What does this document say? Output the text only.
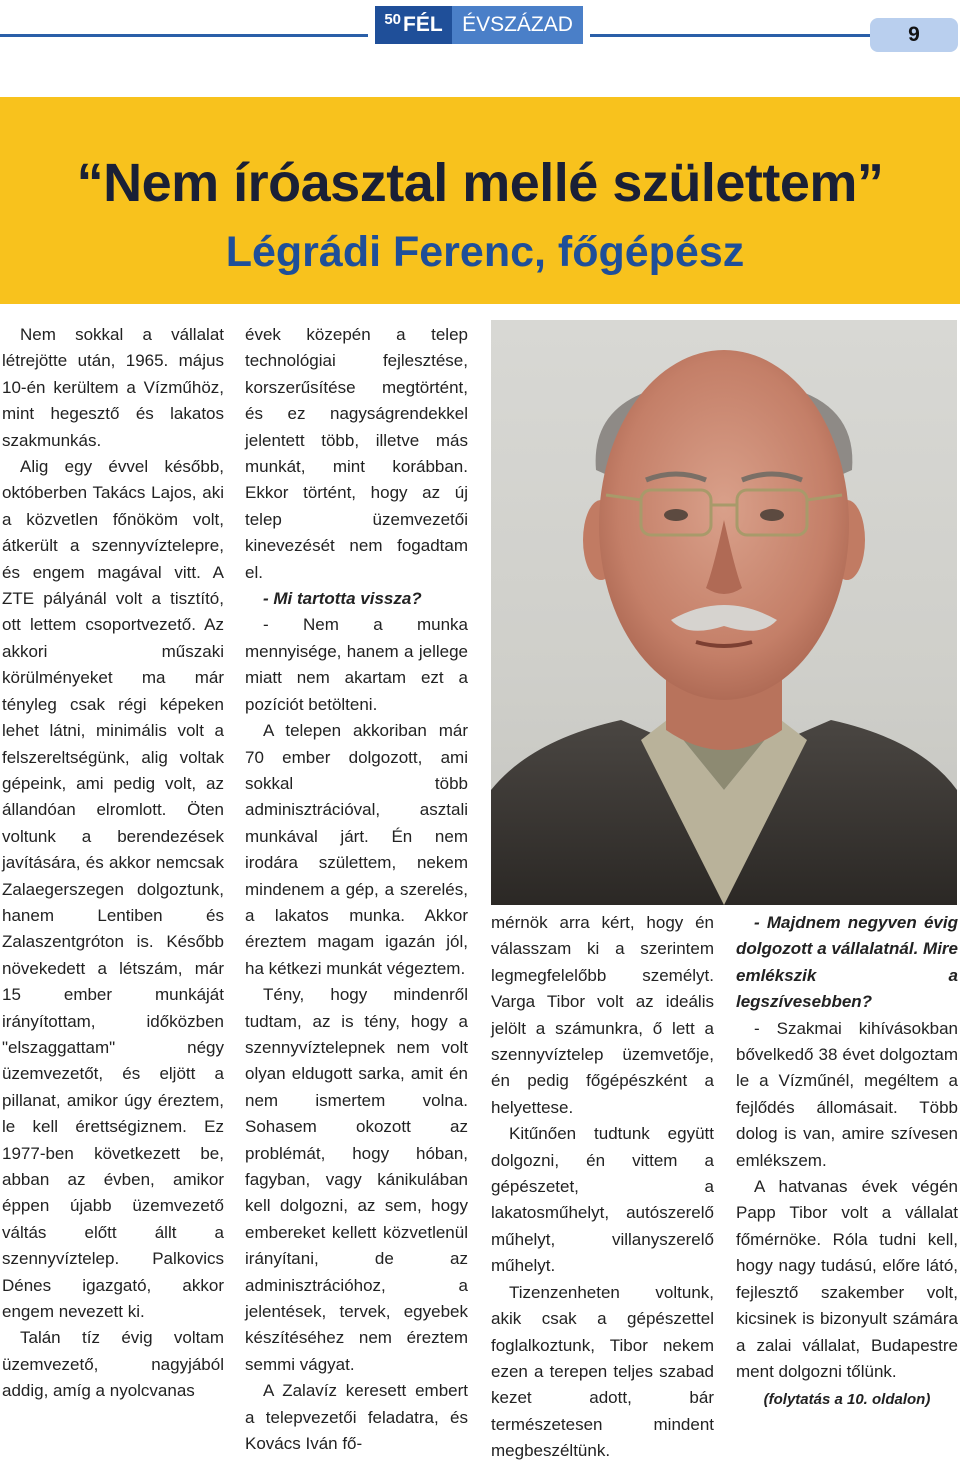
50 FÉL ÉVSZÁZAD	9
“Nem íróasztal mellé születtem”
Légrádi Ferenc, főgépész

Nem sokkal a vállalat létrejötte után, 1965. május 10-én kerültem a Vízműhöz, mint hegesztő és lakatos szakmunkás.

Alig egy évvel később, októberben Takács Lajos, aki a közvetlen főnököm volt, átkerült a szennyvíztelepre, és engem magával vitt. A ZTE pályánál volt a tisztító, ott lettem csoportvezető. Az akkori műszaki körülményeket ma már tényleg csak régi képeken lehet látni, minimális volt a felszereltségünk, alig voltak gépeink, ami pedig volt, az állandóan elromlott. Öten voltunk a berendezések javítására, és akkor nemcsak Zalaegerszegen dolgoztunk, hanem Lentiben és Zalaszentgróton is. Később növekedett a létszám, már 15 ember munkáját irányítottam, időközben "elszaggattam" négy üzemvezetőt, és eljött a pillanat, amikor úgy éreztem, le kell érettségiznem. Ez 1977-ben következett be, abban az évben, amikor éppen újabb üzemvezető váltás előtt állt a szennyvíztelep. Palkovics Dénes igazgató, akkor engem nevezett ki.

Talán tíz évig voltam üzemvezető, nagyjából addig, amíg a nyolcvanas

évek közepén a telep technológiai fejlesztése, korszerűsítése megtörtént, és ez nagyságrendekkel jelentett több, illetve más munkát, mint korábban. Ekkor történt, hogy az új telep üzemvezetői kinevezését nem fogadtam el.

- Mi tartotta vissza?

- Nem a munka mennyisége, hanem a jellege miatt nem akartam ezt a pozíciót betölteni.

A telepen akkoriban már 70 ember dolgozott, ami sokkal több adminisztrációval, asztali munkával járt. Én nem irodára születtem, nekem mindenem a gép, a szerelés, a lakatos munka. Akkor éreztem magam igazán jól, ha kétkezi munkát végeztem.

Tény, hogy mindenről tudtam, az is tény, hogy a szennyvíztelepnek nem volt olyan eldugott sarka, amit én nem ismertem volna. Sohasem okozott az problémát, hogy hóban, fagyban, vagy kánikulában kell dolgozni, az sem, hogy embereket kellett közvetlenül irányítani, de az adminisztrációhoz, a jelentések, tervek, egyebek készítéséhez nem éreztem semmi vágyat.

A Zalavíz keresett embert a telepvezetői feladatra, és Kovács Iván fő-

mérnök arra kért, hogy én válasszam ki a szerintem legmegfelelőbb személyt. Varga Tibor volt az ideális jelölt a számunkra, ő lett a szennyvíztelep üzemvetője, én pedig főgépészként a helyettese.

Kitűnően tudtunk együtt dolgozni, én vittem a gépészetet, a lakatosműhelyt, autószerelő műhelyt, villanyszerelő műhelyt.

Tizenzenheten voltunk, akik csak a gépészettel foglalkoztunk, Tibor nekem ezen a terepen teljes szabad kezet adott, bár természetesen mindent megbeszéltünk.

- Majdnem negyven évig dolgozott a vállalatnál. Mire emlékszik a legszívesebben?

- Szakmai kihívásokban bővelkedő 38 évet dolgoztam le a Vízműnél, megéltem a fejlődés állomásait. Több dolog is van, amire szívesen emlékszem.

A hatvanas évek végén Papp Tibor volt a vállalat főmérnöke. Róla tudni kell, hogy nagy tudású, előre látó, fejlesztő szakember volt, kicsinek is bizonyult számára a zalai vállalat, Budapestre ment dolgozni tőlünk.

(folytatás a 10. oldalon)
